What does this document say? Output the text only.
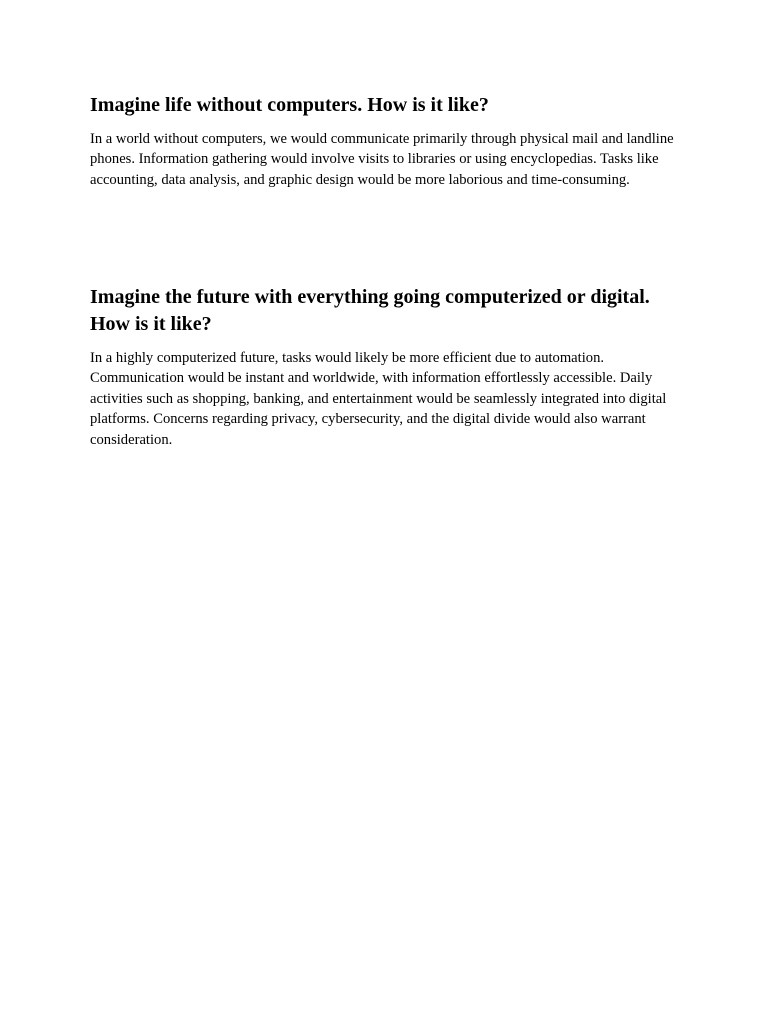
Imagine life without computers. How is it like?

In a world without computers, we would communicate primarily through physical mail and landline phones. Information gathering would involve visits to libraries or using encyclopedias. Tasks like accounting, data analysis, and graphic design would be more laborious and time-consuming.

Imagine the future with everything going computerized or digital. How is it like?

In a highly computerized future, tasks would likely be more efficient due to automation. Communication would be instant and worldwide, with information effortlessly accessible. Daily activities such as shopping, banking, and entertainment would be seamlessly integrated into digital platforms. Concerns regarding privacy, cybersecurity, and the digital divide would also warrant consideration.
